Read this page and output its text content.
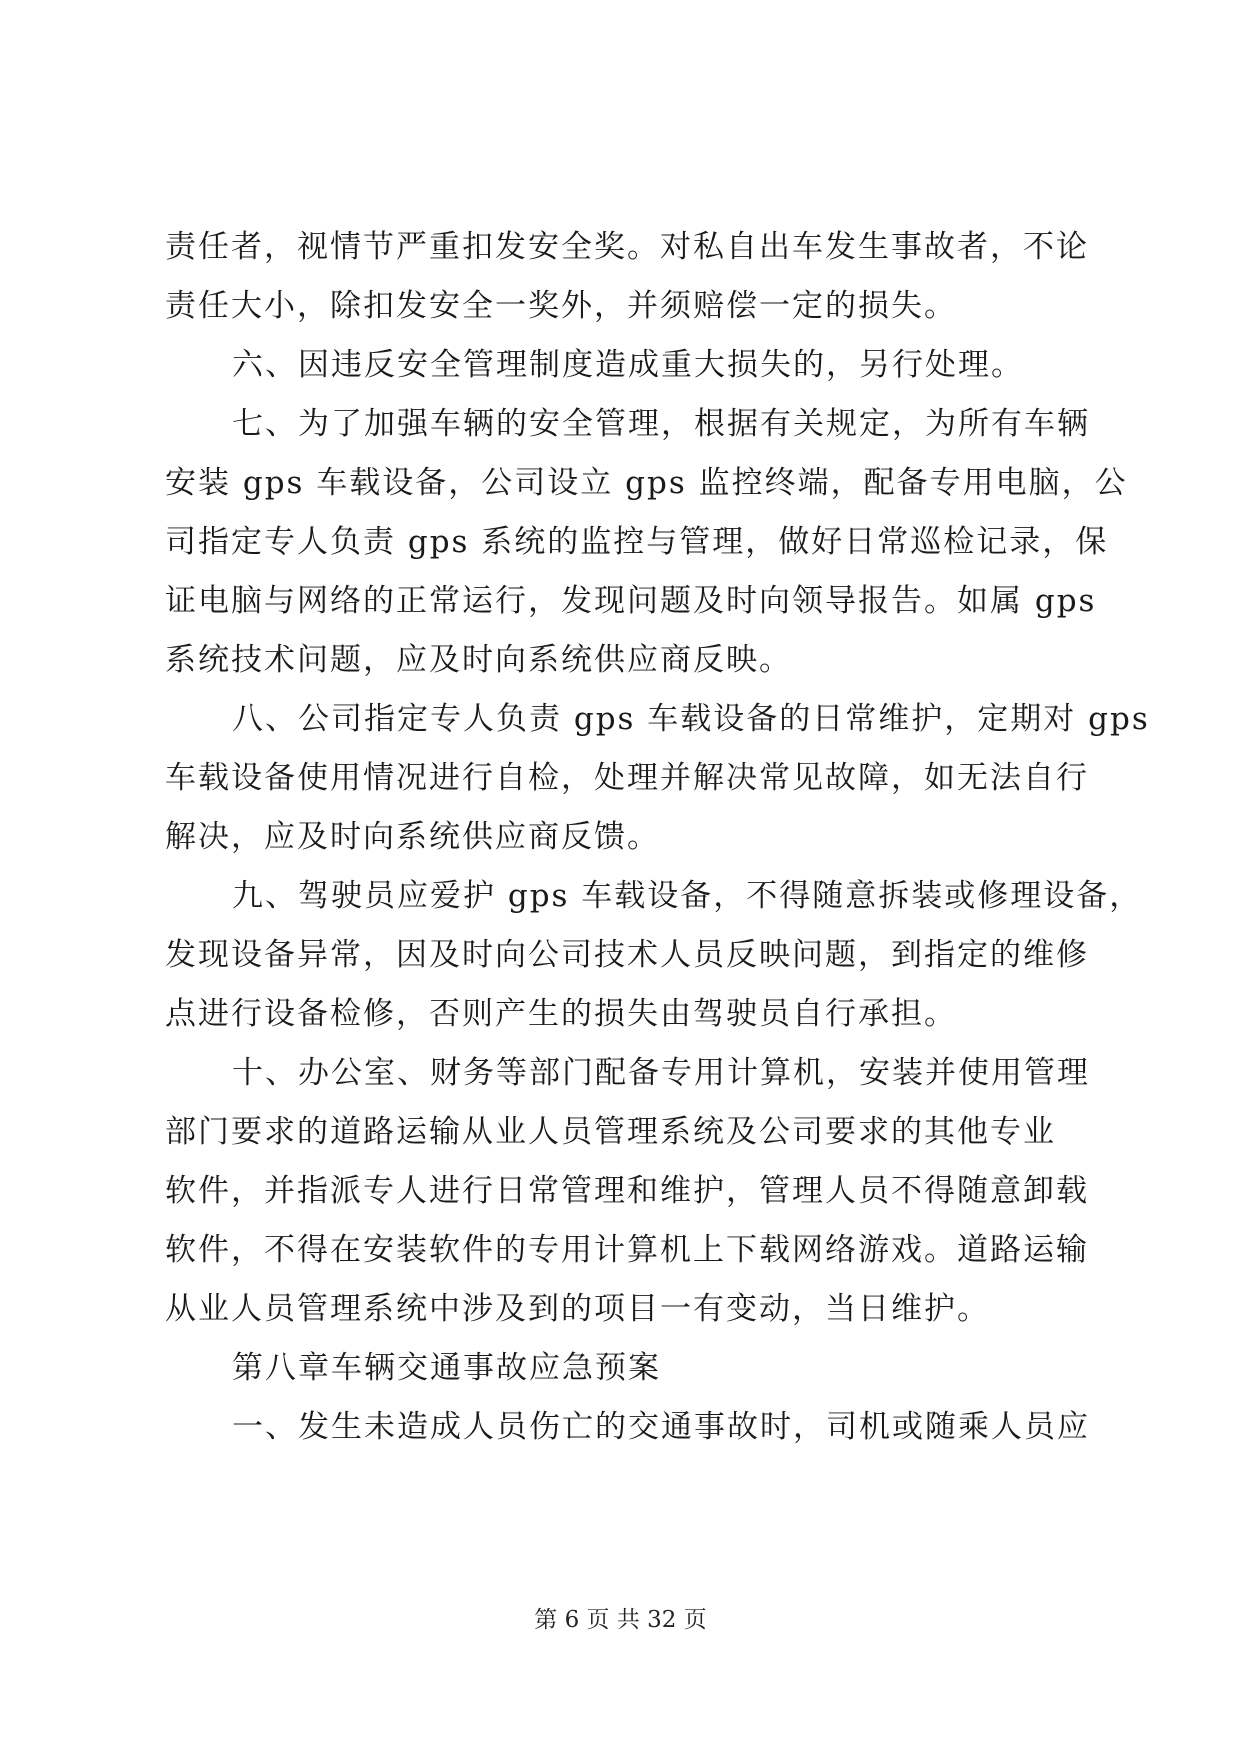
责任者，视情节严重扣发安全奖。对私自出车发生事故者，不论
责任大小，除扣发安全一奖外，并须赔偿一定的损失。
六、因违反安全管理制度造成重大损失的，另行处理。
七、为了加强车辆的安全管理，根据有关规定，为所有车辆
安装 gps 车载设备，公司设立 gps 监控终端，配备专用电脑，公
司指定专人负责 gps 系统的监控与管理，做好日常巡检记录，保
证电脑与网络的正常运行，发现问题及时向领导报告。如属 gps
系统技术问题，应及时向系统供应商反映。
八、公司指定专人负责 gps 车载设备的日常维护，定期对 gps
车载设备使用情况进行自检，处理并解决常见故障，如无法自行
解决，应及时向系统供应商反馈。
九、驾驶员应爱护 gps 车载设备，不得随意拆装或修理设备，
发现设备异常，因及时向公司技术人员反映问题，到指定的维修
点进行设备检修，否则产生的损失由驾驶员自行承担。
十、办公室、财务等部门配备专用计算机，安装并使用管理
部门要求的道路运输从业人员管理系统及公司要求的其他专业
软件，并指派专人进行日常管理和维护，管理人员不得随意卸载
软件，不得在安装软件的专用计算机上下载网络游戏。道路运输
从业人员管理系统中涉及到的项目一有变动，当日维护。
第八章车辆交通事故应急预案
一、发生未造成人员伤亡的交通事故时，司机或随乘人员应
第 6 页 共 32 页
